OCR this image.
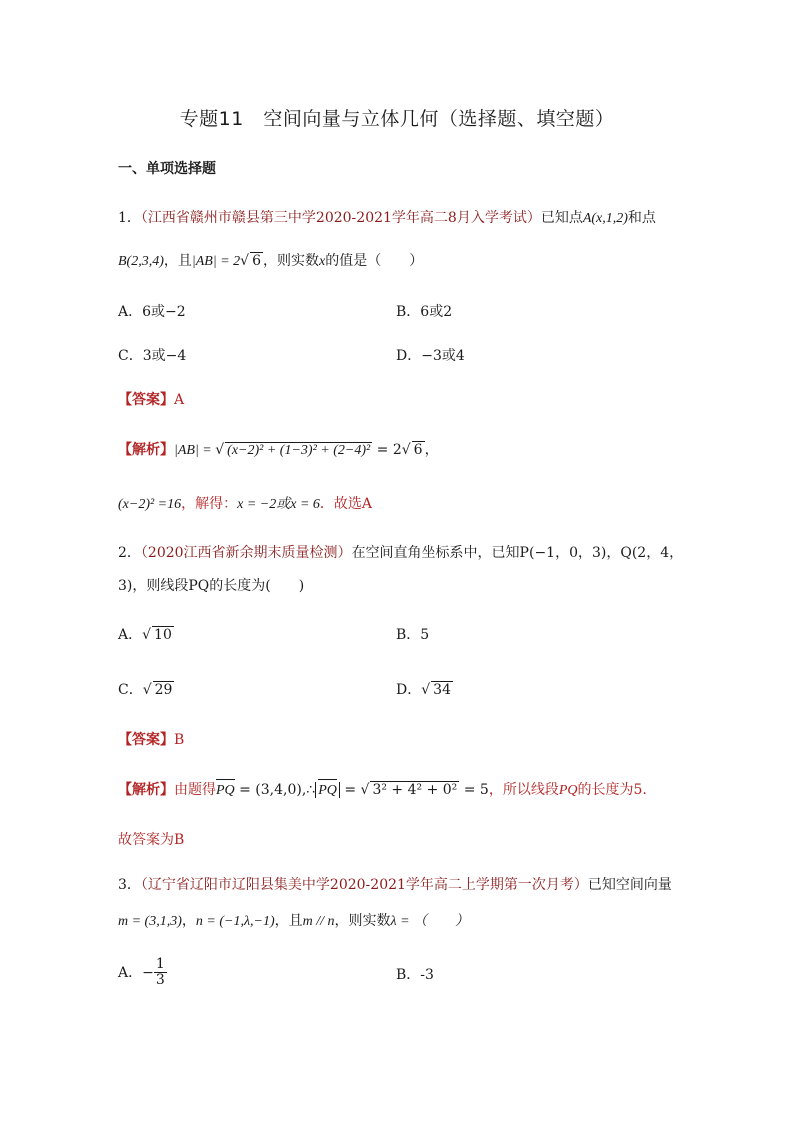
专题11　空间向量与立体几何（选择题、填空题）
一、单项选择题
1．（江西省赣州市赣县第三中学2020-2021学年高二8月入学考试）已知点A(x,1,2)和点
B(2,3,4)，且|AB| = 2√ 6 ，则实数x的值是（　　）
A．6或−2	B．6或2
C．3或−4	D．−3或4
【答案】A
【解析】|AB| = √ (x−2)² + (1−3)² + (2−4)² = 2√ 6 ，
(x−2)² =16，解得：x = −2或x = 6．故选A
2．（2020江西省新余期末质量检测）在空间直角坐标系中，已知P(−1，0，3)，Q(2，4，
3)，则线段PQ的长度为(　　)
A．√ 10	B．5
C．√ 29	D．√ 34
【答案】B
【解析】由题得PQ = (3,4,0),∴ PQ = √ 3² + 4² + 0² = 5，所以线段PQ的长度为5.
故答案为B
3．（辽宁省辽阳市辽阳县集美中学2020-2021学年高二上学期第一次月考）已知空间向量
m = (3,1,3)，n = (−1,λ,−1)，且m // n，则实数λ = （　　）
A．− $\frac{1}{3}$	B．-3
